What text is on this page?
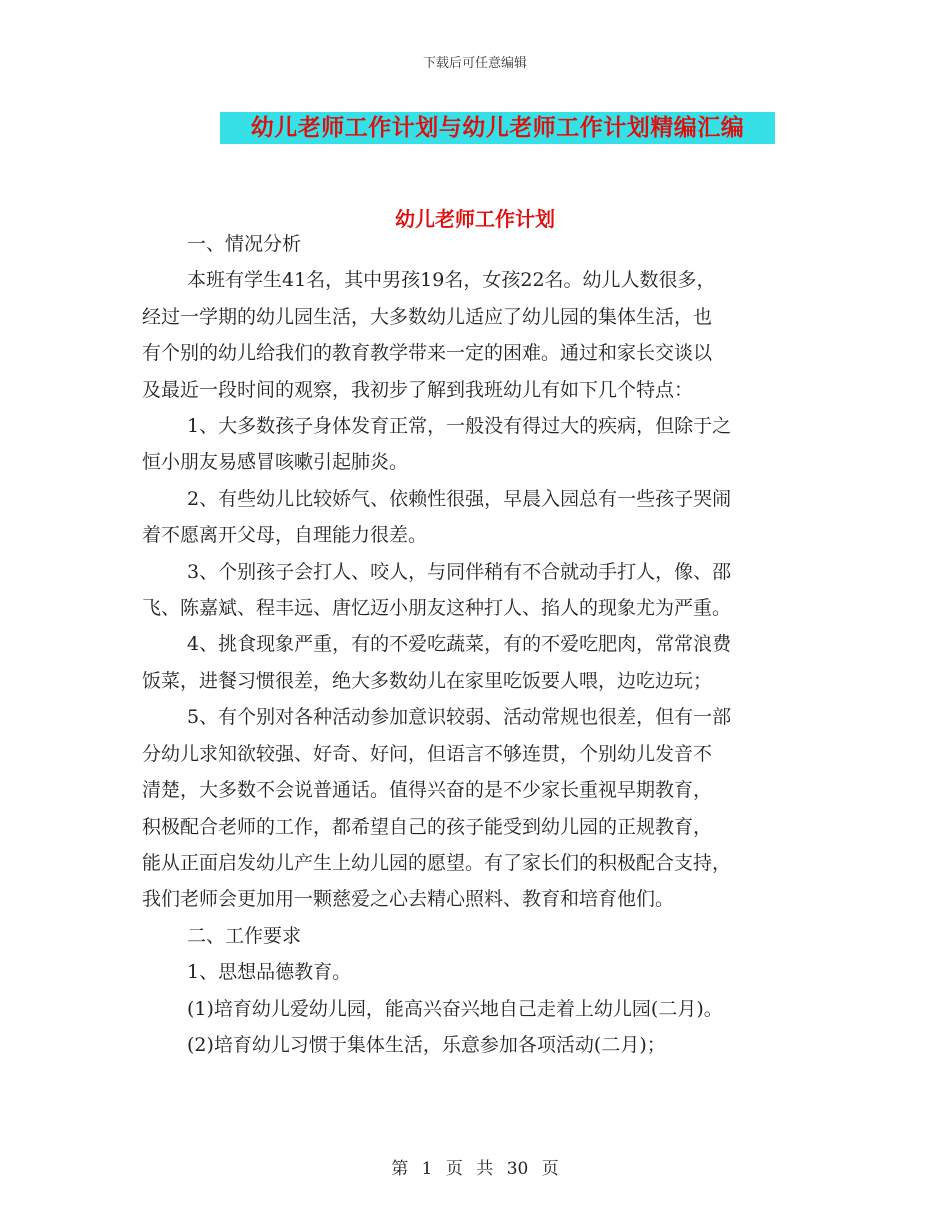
下载后可任意编辑
幼儿老师工作计划与幼儿老师工作计划精编汇编
幼儿老师工作计划

一、情况分析

本班有学生41名，其中男孩19名，女孩22名。幼儿人数很多，

经过一学期的幼儿园生活，大多数幼儿适应了幼儿园的集体生活，也

有个别的幼儿给我们的教育教学带来一定的困难。通过和家长交谈以

及最近一段时间的观察，我初步了解到我班幼儿有如下几个特点：

1、大多数孩子身体发育正常，一般没有得过大的疾病，但除于之

恒小朋友易感冒咳嗽引起肺炎。

2、有些幼儿比较娇气、依赖性很强，早晨入园总有一些孩子哭闹

着不愿离开父母，自理能力很差。

3、个别孩子会打人、咬人，与同伴稍有不合就动手打人，像、邵

飞、陈嘉斌、程丰远、唐忆迈小朋友这种打人、掐人的现象尤为严重。

4、挑食现象严重，有的不爱吃蔬菜，有的不爱吃肥肉，常常浪费

饭菜，进餐习惯很差，绝大多数幼儿在家里吃饭要人喂，边吃边玩；

5、有个别对各种活动参加意识较弱、活动常规也很差，但有一部

分幼儿求知欲较强、好奇、好问，但语言不够连贯，个别幼儿发音不

清楚，大多数不会说普通话。值得兴奋的是不少家长重视早期教育，

积极配合老师的工作，都希望自己的孩子能受到幼儿园的正规教育，

能从正面启发幼儿产生上幼儿园的愿望。有了家长们的积极配合支持，

我们老师会更加用一颗慈爱之心去精心照料、教育和培育他们。

二、工作要求

1、思想品德教育。

(1)培育幼儿爱幼儿园，能高兴奋兴地自己走着上幼儿园(二月)。

(2)培育幼儿习惯于集体生活，乐意参加各项活动(二月)；

第 1 页 共 30 页
